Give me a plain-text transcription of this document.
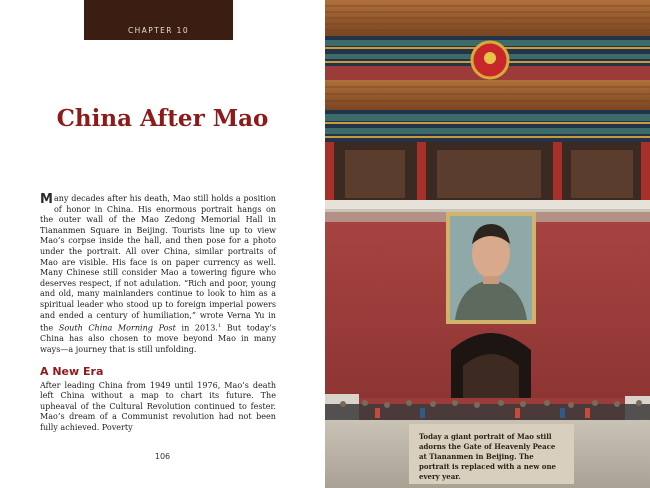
CHAPTER 10
China After Mao

Many decades after his death, Mao still holds a position of honor in China. His enormous portrait hangs on the outer wall of the Mao Zedong Memorial Hall in Tiananmen Square in Beijing. Tourists line up to view Mao’s corpse inside the hall, and then pose for a photo under the portrait. All over China, similar portraits of Mao are visible. His face is on paper currency as well. Many Chinese still consider Mao a towering figure who deserves respect, if not adulation. “Rich and poor, young and old, many mainlanders continue to look to him as a spiritual leader who stood up to foreign imperial powers and ended a century of humiliation,” wrote Verna Yu in the South China Morning Post in 2013.$^1$ But today’s China has also chosen to move beyond Mao in many ways—a journey that is still unfolding.

A New Era

After leading China from 1949 until 1976, Mao’s death left China without a map to chart its future. The upheaval of the Cultural Revolution continued to fester. Mao’s dream of a Communist revolution had not been fully achieved. Poverty

106

Today a giant portrait of Mao still adorns the Gate of Heavenly Peace at Tiananmen in Beijing. The portrait is replaced with a new one every year.
